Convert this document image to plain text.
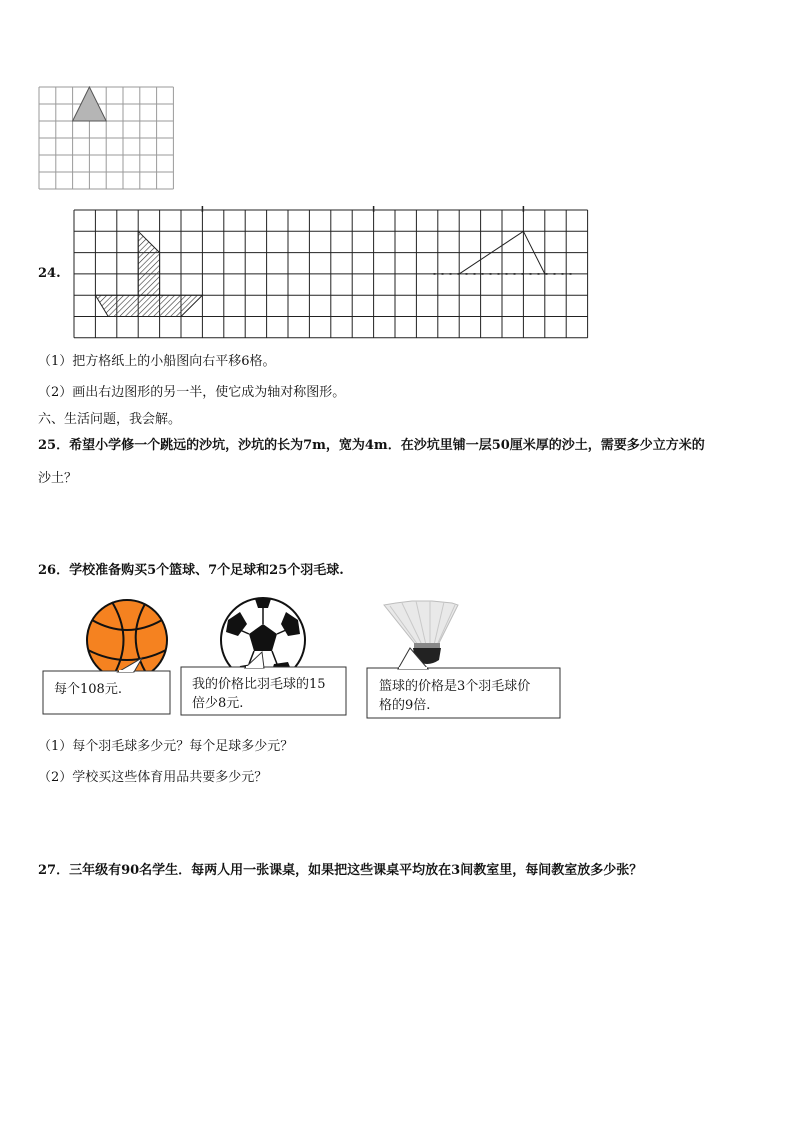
24.
（1）把方格纸上的小船图向右平移6格。
（2）画出右边图形的另一半，使它成为轴对称图形。
六、生活问题，我会解。
25．希望小学修一个跳远的沙坑，沙坑的长为7m，宽为4m．在沙坑里铺一层50厘米厚的沙土，需要多少立方米的
沙土？
26．学校准备购买5个篮球、7个足球和25个羽毛球.
每个108元.	我的价格比羽毛球的15
倍少8元.
篮球的价格是3个羽毛球价
格的9倍.
（1）每个羽毛球多少元？每个足球多少元？
（2）学校买这些体育用品共要多少元？
27．三年级有90名学生．每两人用一张课桌，如果把这些课桌平均放在3间教室里，每间教室放多少张？
